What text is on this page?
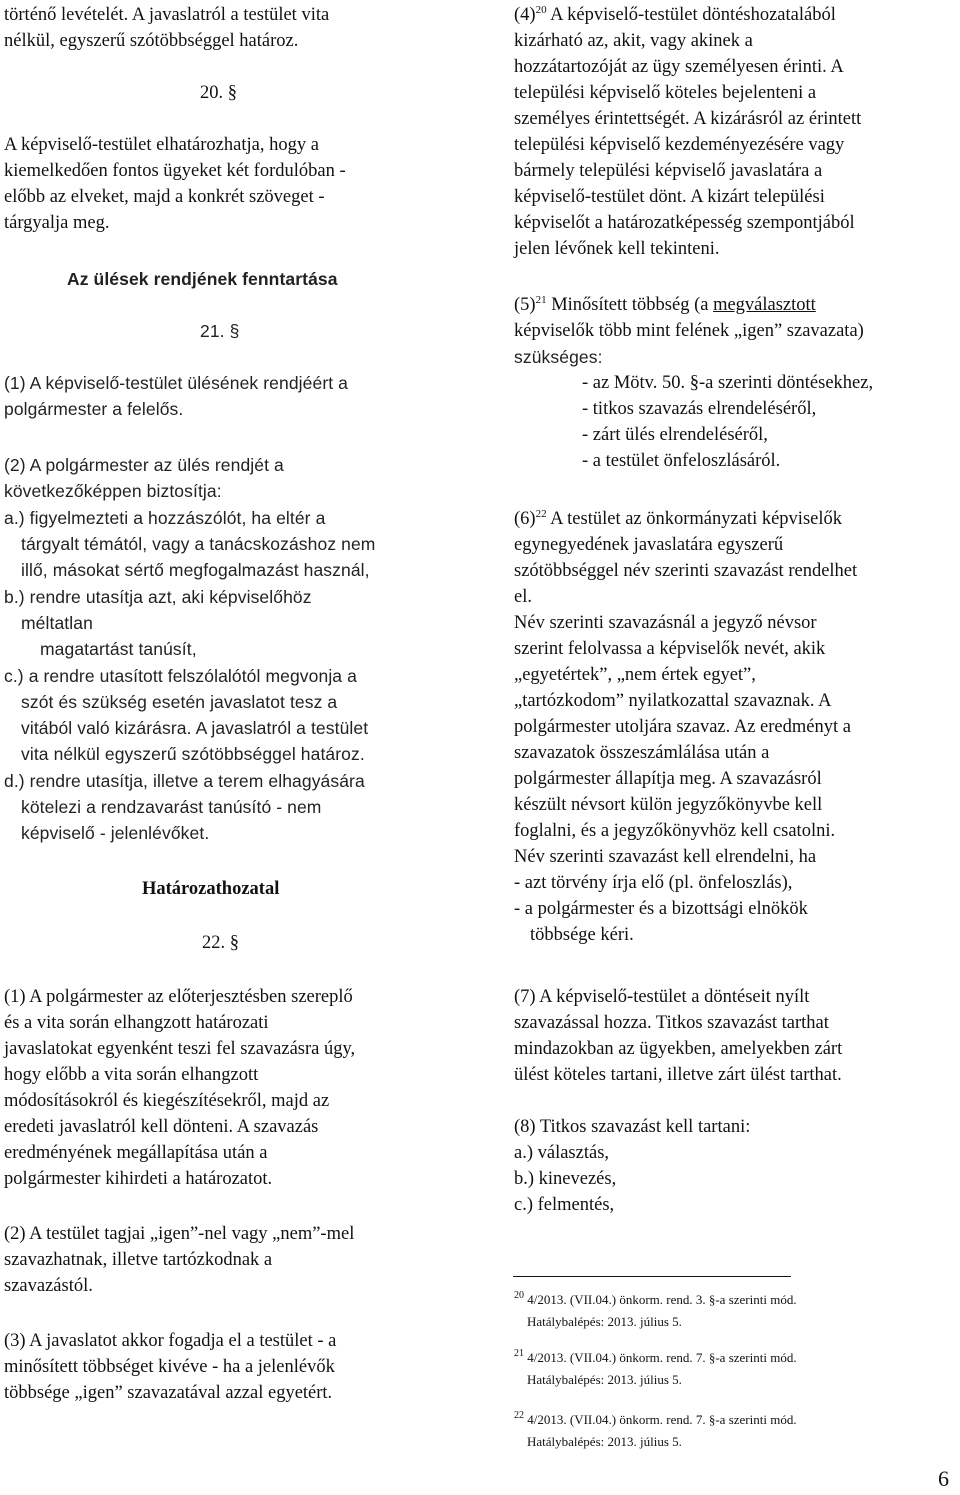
történő levételét. A javaslatról a testület vita
nélkül, egyszerű szótöbbséggel határoz.
20. §
A képviselő-testület elhatározhatja, hogy a
kiemelkedően fontos ügyeket két fordulóban -
előbb az elveket, majd a konkrét szöveget -
tárgyalja meg.
Az ülések rendjének fenntartása
21. §
(1) A képviselő-testület ülésének rendjéért a
polgármester a felelős.
(2) A polgármester az ülés rendjét a
következőképpen biztosítja:
a.) figyelmezteti a hozzászólót, ha eltér a
tárgyalt témától, vagy a tanácskozáshoz nem
illő, másokat sértő megfogalmazást használ,
b.) rendre utasítja azt, aki képviselőhöz
méltatlan
magatartást tanúsít,
c.) a rendre utasított felszólalótól megvonja a
szót és szükség esetén javaslatot tesz a
vitából való kizárásra. A javaslatról a testület
vita nélkül egyszerű szótöbbséggel határoz.
d.) rendre utasítja, illetve a terem elhagyására
kötelezi a rendzavarást tanúsító - nem
képviselő - jelenlévőket.
Határozathozatal
22. §
(1) A polgármester az előterjesztésben szereplő
és a vita során elhangzott határozati
javaslatokat egyenként teszi fel szavazásra úgy,
hogy előbb a vita során elhangzott
módosításokról és kiegészítésekről, majd az
eredeti javaslatról kell dönteni. A szavazás
eredményének megállapítása után a
polgármester kihirdeti a határozatot.
(2) A testület tagjai „igen”-nel vagy „nem”-mel
szavazhatnak, illetve tartózkodnak a
szavazástól.
(3) A javaslatot akkor fogadja el a testület - a
minősített többséget kivéve - ha a jelenlévők
többsége „igen” szavazatával azzal egyetért.
$(4)^{20}$ A képviselő-testület döntéshozatalából
kizárható az, akit, vagy akinek a
hozzátartozóját az ügy személyesen érinti. A
települési képviselő köteles bejelenteni a
személyes érintettségét. A kizárásról az érintett
települési képviselő kezdeményezésére vagy
bármely települési képviselő javaslatára a
képviselő-testület dönt. A kizárt települési
képviselőt a határozatképesség szempontjából
jelen lévőnek kell tekinteni.
$(5)^{21}$ Minősített többség (a megválasztott
képviselők több mint felének „igen” szavazata)
szükséges:
- az Mötv. 50. §-a szerinti döntésekhez,
- titkos szavazás elrendeléséről,
- zárt ülés elrendeléséről,
- a testület önfeloszlásáról.
$(6)^{22}$ A testület az önkormányzati képviselők
egynegyedének javaslatára egyszerű
szótöbbséggel név szerinti szavazást rendelhet
el.
Név szerinti szavazásnál a jegyző névsor
szerint felolvassa a képviselők nevét, akik
„egyetértek”, „nem értek egyet”,
„tartózkodom” nyilatkozattal szavaznak. A
polgármester utoljára szavaz. Az eredményt a
szavazatok összeszámlálása után a
polgármester állapítja meg. A szavazásról
készült névsort külön jegyzőkönyvbe kell
foglalni, és a jegyzőkönyvhöz kell csatolni.
Név szerinti szavazást kell elrendelni, ha
- azt törvény írja elő (pl. önfeloszlás),
- a polgármester és a bizottsági elnökök
többsége kéri.
(7) A képviselő-testület a döntéseit nyílt
szavazással hozza. Titkos szavazást tarthat
mindazokban az ügyekben, amelyekben zárt
ülést köteles tartani, illetve zárt ülést tarthat.
(8) Titkos szavazást kell tartani:
a.) választás,
b.) kinevezés,
c.) felmentés,
$^{20}$ 4/2013. (VII.04.) önkorm. rend. 3. §-a szerinti mód.
Hatálybalépés: 2013. július 5.
$^{21}$ 4/2013. (VII.04.) önkorm. rend. 7. §-a szerinti mód.
Hatálybalépés: 2013. július 5.
$^{22}$ 4/2013. (VII.04.) önkorm. rend. 7. §-a szerinti mód.
Hatálybalépés: 2013. július 5.
6
